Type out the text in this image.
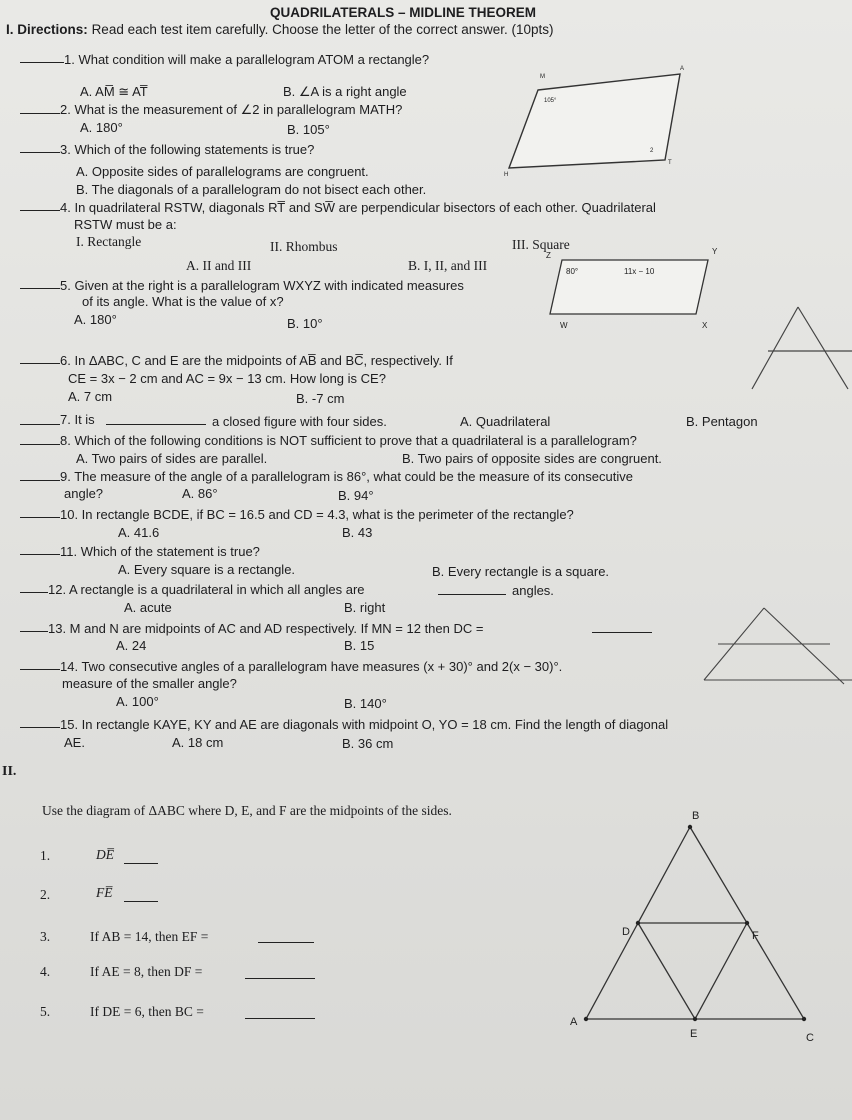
QUADRILATERALS – MIDLINE THEOREM
I. Directions: Read each test item carefully. Choose the letter of the correct answer. (10pts)
1. What condition will make a parallelogram ATOM a rectangle?
A. AM̅ ≅ AT̅	B. ∠A is a right angle
2. What is the measurement of ∠2 in parallelogram MATH?
A. 180°	B. 105°
M
A
H
T
105°
2
3. Which of the following statements is true?
A. Opposite sides of parallelograms are congruent.
B. The diagonals of a parallelogram do not bisect each other.
4. In quadrilateral RSTW, diagonals RT̅ and SW̅ are perpendicular bisectors of each other. Quadrilateral
RSTW must be a:
I. Rectangle	II. Rhombus	III. Square
A. II and III	B. I, II, and III
5. Given at the right is a parallelogram WXYZ with indicated measures
of its angle. What is the value of x?
A. 180°	B. 10°
Z	Y
W	X
80°	11x − 10
6. In ΔABC, C and E are the midpoints of AB̅ and BC̅, respectively. If
CE = 3x − 2 cm and AC = 9x − 13 cm. How long is CE?
A. 7 cm	B. -7 cm
7. It is	a closed figure with four sides.	A. Quadrilateral	B. Pentagon
8. Which of the following conditions is NOT sufficient to prove that a quadrilateral is a parallelogram?
A. Two pairs of sides are parallel.	B. Two pairs of opposite sides are congruent.
9. The measure of the angle of a parallelogram is 86°, what could be the measure of its consecutive
angle?	A. 86°	B. 94°
10. In rectangle BCDE, if BC = 16.5 and CD = 4.3, what is the perimeter of the rectangle?
A. 41.6	B. 43
11. Which of the statement is true?
A. Every square is a rectangle.	B. Every rectangle is a square.
12. A rectangle is a quadrilateral in which all angles are	angles.
A. acute	B. right
13. M and N are midpoints of AC and AD respectively. If MN = 12 then DC =
A. 24	B. 15
14. Two consecutive angles of a parallelogram have measures (x + 30)° and 2(x − 30)°.
measure of the smaller angle?
A. 100°	B. 140°
15. In rectangle KAYE, KY and AE are diagonals with midpoint O, YO = 18 cm. Find the length of diagonal
AE.	A. 18 cm	B. 36 cm
II.
Use the diagram of ΔABC where D, E, and F are the midpoints of the sides.
1.	DE̅
2.	FE̅
3.	If AB = 14, then EF =
4.	If AE = 8, then DF =
5.	If DE = 6, then BC =
B
A
C
D	F
E
